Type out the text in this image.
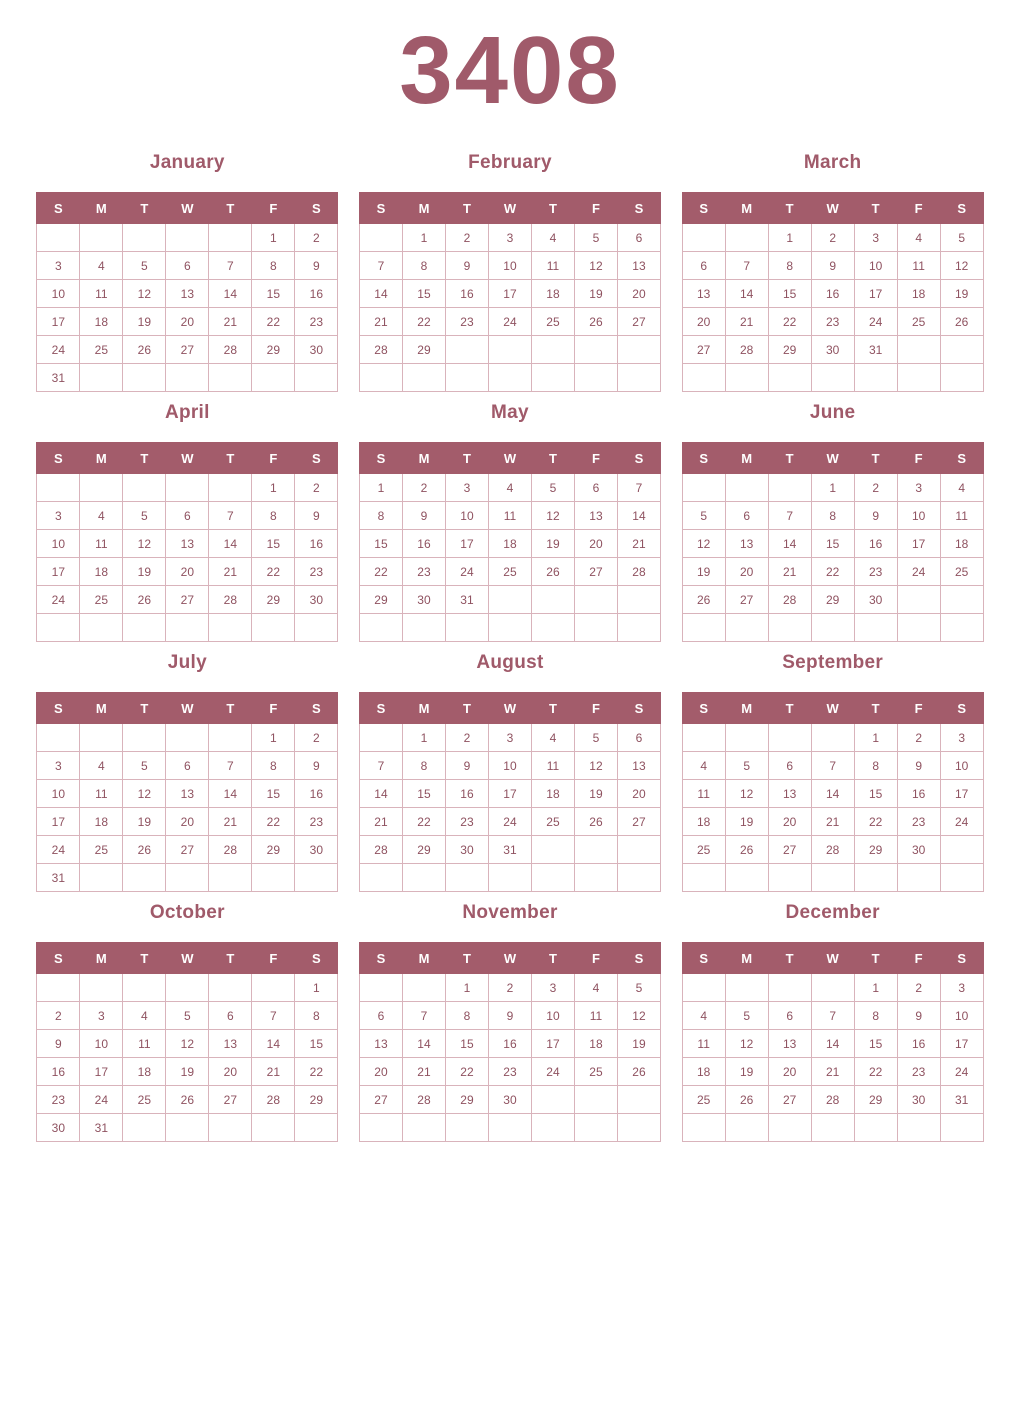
3408
January
S	M	T	W	T	F	S
					1	2
3	4	5	6	7	8	9
10	11	12	13	14	15	16
17	18	19	20	21	22	23
24	25	26	27	28	29	30
31						
February
S	M	T	W	T	F	S
	1	2	3	4	5	6
7	8	9	10	11	12	13
14	15	16	17	18	19	20
21	22	23	24	25	26	27
28	29					

March
S	M	T	W	T	F	S
		1	2	3	4	5
6	7	8	9	10	11	12
13	14	15	16	17	18	19
20	21	22	23	24	25	26
27	28	29	30	31		

April
S	M	T	W	T	F	S
					1	2
3	4	5	6	7	8	9
10	11	12	13	14	15	16
17	18	19	20	21	22	23
24	25	26	27	28	29	30

May
S	M	T	W	T	F	S
1	2	3	4	5	6	7
8	9	10	11	12	13	14
15	16	17	18	19	20	21
22	23	24	25	26	27	28
29	30	31				

June
S	M	T	W	T	F	S
			1	2	3	4
5	6	7	8	9	10	11
12	13	14	15	16	17	18
19	20	21	22	23	24	25
26	27	28	29	30		

July
S	M	T	W	T	F	S
					1	2
3	4	5	6	7	8	9
10	11	12	13	14	15	16
17	18	19	20	21	22	23
24	25	26	27	28	29	30
31						
August
S	M	T	W	T	F	S
	1	2	3	4	5	6
7	8	9	10	11	12	13
14	15	16	17	18	19	20
21	22	23	24	25	26	27
28	29	30	31			

September
S	M	T	W	T	F	S
				1	2	3
4	5	6	7	8	9	10
11	12	13	14	15	16	17
18	19	20	21	22	23	24
25	26	27	28	29	30	

October
S	M	T	W	T	F	S
						1
2	3	4	5	6	7	8
9	10	11	12	13	14	15
16	17	18	19	20	21	22
23	24	25	26	27	28	29
30	31					
November
S	M	T	W	T	F	S
		1	2	3	4	5
6	7	8	9	10	11	12
13	14	15	16	17	18	19
20	21	22	23	24	25	26
27	28	29	30			

December
S	M	T	W	T	F	S
				1	2	3
4	5	6	7	8	9	10
11	12	13	14	15	16	17
18	19	20	21	22	23	24
25	26	27	28	29	30	31
